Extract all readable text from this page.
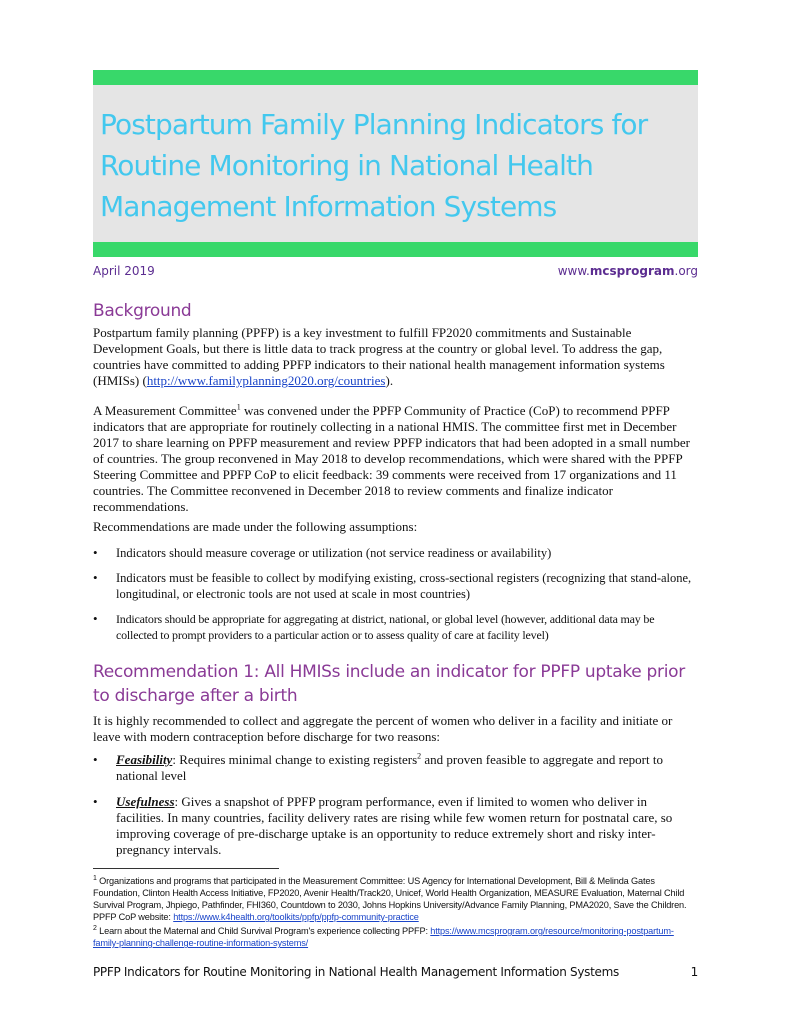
Postpartum Family Planning Indicators for Routine Monitoring in National Health Management Information Systems
April 2019	www.mcsprogram.org
Background

Postpartum family planning (PPFP) is a key investment to fulfill FP2020 commitments and Sustainable Development Goals, but there is little data to track progress at the country or global level. To address the gap, countries have committed to adding PPFP indicators to their national health management information systems (HMISs) (http://www.familyplanning2020.org/countries).

A Measurement Committee$^1$ was convened under the PPFP Community of Practice (CoP) to recommend PPFP indicators that are appropriate for routinely collecting in a national HMIS. The committee first met in December 2017 to share learning on PPFP measurement and review PPFP indicators that had been adopted in a small number of countries. The group reconvened in May 2018 to develop recommendations, which were shared with the PPFP Steering Committee and PPFP CoP to elicit feedback: 39 comments were received from 17 organizations and 11 countries. The Committee reconvened in December 2018 to review comments and finalize indicator recommendations.

Recommendations are made under the following assumptions:

• Indicators should measure coverage or utilization (not service readiness or availability)
• Indicators must be feasible to collect by modifying existing, cross-sectional registers (recognizing that stand-alone, longitudinal, or electronic tools are not used at scale in most countries)
• Indicators should be appropriate for aggregating at district, national, or global level (however, additional data may be collected to prompt providers to a particular action or to assess quality of care at facility level)
Recommendation 1: All HMISs include an indicator for PPFP uptake prior to discharge after a birth

It is highly recommended to collect and aggregate the percent of women who deliver in a facility and initiate or leave with modern contraception before discharge for two reasons:

• Feasibility: Requires minimal change to existing registers$^2$ and proven feasible to aggregate and report to national level
• Usefulness: Gives a snapshot of PPFP program performance, even if limited to women who deliver in facilities. In many countries, facility delivery rates are rising while few women return for postnatal care, so improving coverage of pre-discharge uptake is an opportunity to reduce extremely short and risky inter-pregnancy intervals.

$^1$ Organizations and programs that participated in the Measurement Committee: US Agency for International Development, Bill & Melinda Gates Foundation, Clinton Health Access Initiative, FP2020, Avenir Health/Track20, Unicef, World Health Organization, MEASURE Evaluation, Maternal Child Survival Program, Jhpiego, Pathfinder, FHI360, Countdown to 2030, Johns Hopkins University/Advance Family Planning, PMA2020, Save the Children. PPFP CoP website: https://www.k4health.org/toolkits/ppfp/ppfp-community-practice

$^2$ Learn about the Maternal and Child Survival Program's experience collecting PPFP: https://www.mcsprogram.org/resource/monitoring-postpartum-family-planning-challenge-routine-information-systems/

PPFP Indicators for Routine Monitoring in National Health Management Information Systems	1
